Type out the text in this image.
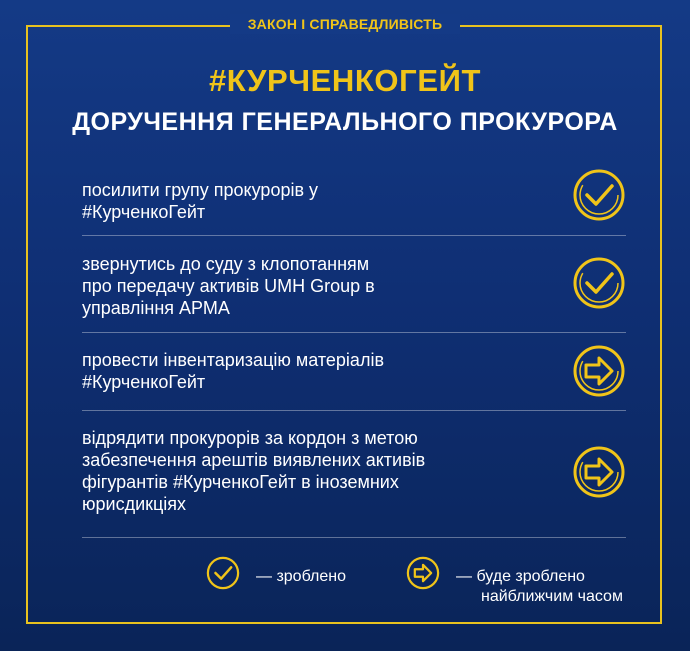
ЗАКОН І СПРАВЕДЛИВІСТЬ
#КУРЧЕНКОГЕЙТ
ДОРУЧЕННЯ ГЕНЕРАЛЬНОГО ПРОКУРОРА
посилити групу прокурорів у
#КурченкоГейт
звернутись до суду з клопотанням
про передачу активів UMH Group в
управління АРМА
провести інвентаризацію матеріалів
#КурченкоГейт
відрядити прокурорів за кордон з метою
забезпечення арештів виявлених активів
фігурантів #КурченкоГейт в іноземних
юрисдикціях
— зроблено	— буде зроблено
найближчим часом
